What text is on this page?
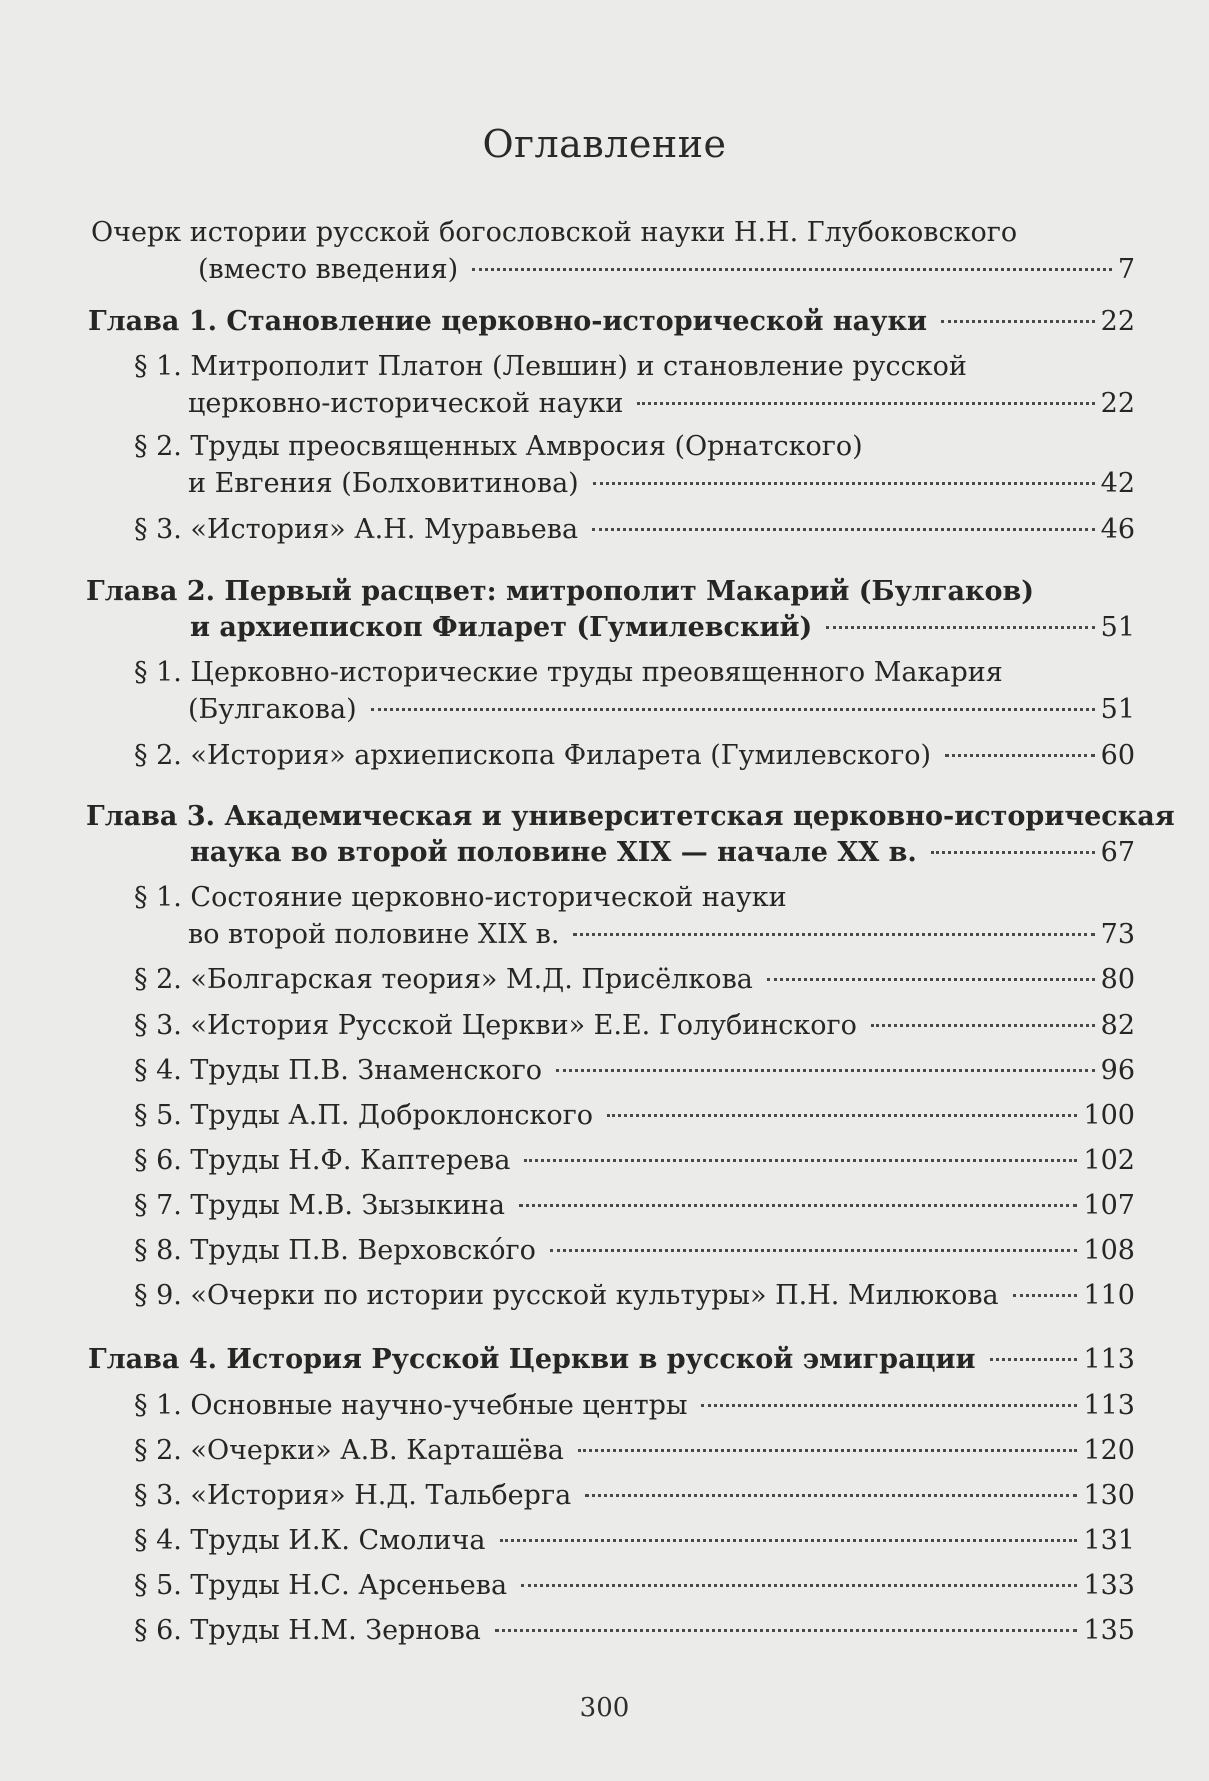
Оглавление
Очерк истории русской богословской науки Н.Н. Глубоковского
(вместо введения)	7
Глава 1. Становление церковно-исторической науки	22
§ 1. Митрополит Платон (Левшин) и становление русской
церковно-исторической науки	22
§ 2. Труды преосвященных Амвросия (Орнатского)
и Евгения (Болховитинова)	42
§ 3. «История» А.Н. Муравьева	46
Глава 2. Первый расцвет: митрополит Макарий (Булгаков)
и архиепископ Филарет (Гумилевский)	51
§ 1. Церковно-исторические труды преовященного Макария
(Булгакова)	51
§ 2. «История» архиепископа Филарета (Гумилевского)	60
Глава 3. Академическая и университетская церковно-историческая
наука во второй половине XIX — начале XX в.	67
§ 1. Состояние церковно-исторической науки
во второй половине XIX в.	73
§ 2. «Болгарская теория» М.Д. Присёлкова	80
§ 3. «История Русской Церкви» Е.Е. Голубинского	82
§ 4. Труды П.В. Знаменского	96
§ 5. Труды А.П. Доброклонского	100
§ 6. Труды Н.Ф. Каптерева	102
§ 7. Труды М.В. Зызыкина	107
§ 8. Труды П.В. Верховско́го	108
§ 9. «Очерки по истории русской культуры» П.Н. Милюкова	110
Глава 4. История Русской Церкви в русской эмиграции	113
§ 1. Основные научно-учебные центры	113
§ 2. «Очерки» А.В. Карташёва	120
§ 3. «История» Н.Д. Тальберга	130
§ 4. Труды И.К. Смолича	131
§ 5. Труды Н.С. Арсеньева	133
§ 6. Труды Н.М. Зернова	135
300
